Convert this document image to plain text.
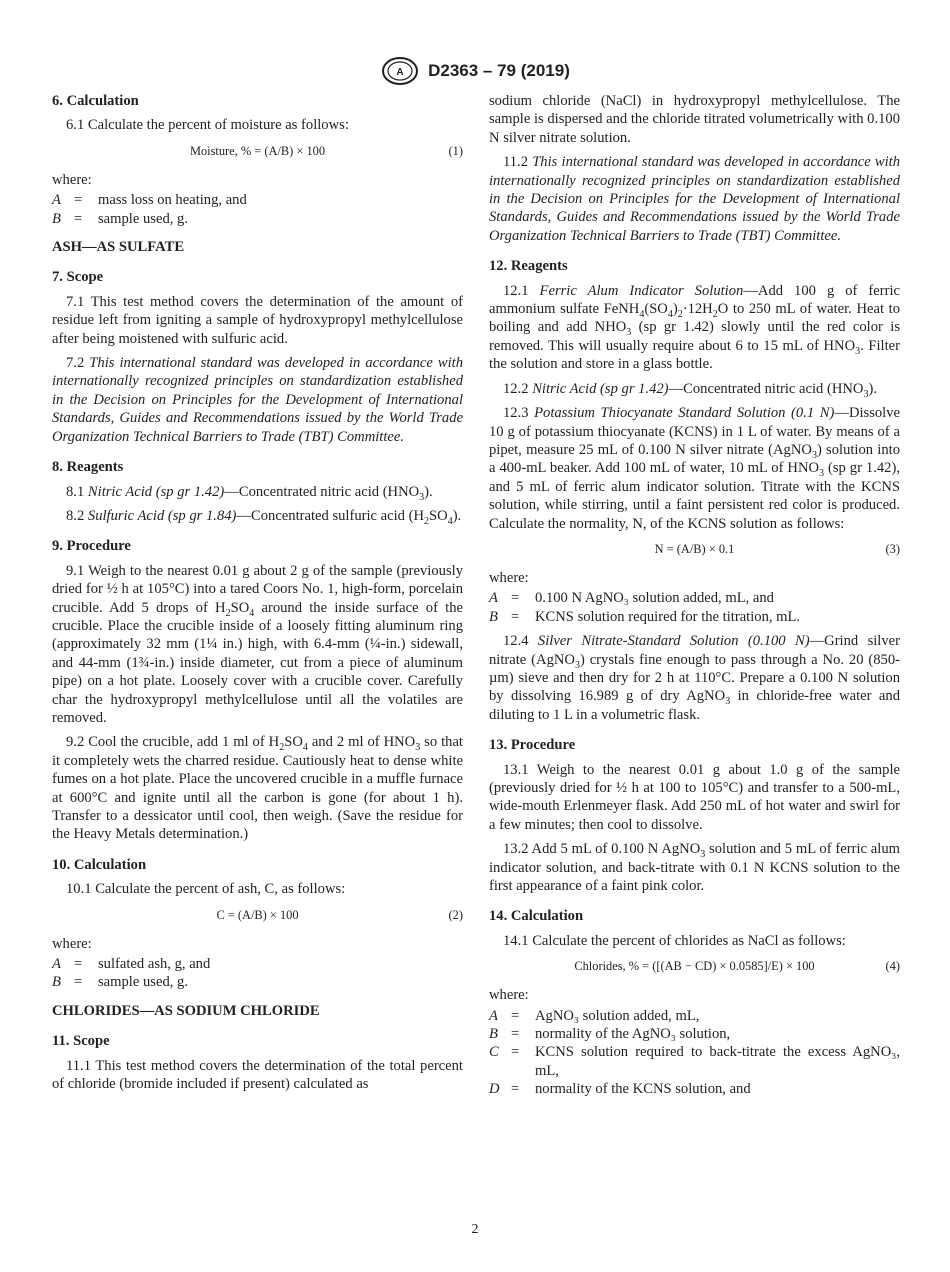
A D2363 – 79 (2019)

6. Calculation

6.1 Calculate the percent of moisture as follows:

Moisture, % = (A/B) × 100	(1)

where:

A =	mass loss on heating, and
B =	sample used, g.

ASH—AS SULFATE

7. Scope

7.1 This test method covers the determination of the amount of residue left from igniting a sample of hydroxypropyl methylcellulose after being moistened with sulfuric acid.

7.2 This international standard was developed in accordance with internationally recognized principles on standardization established in the Decision on Principles for the Development of International Standards, Guides and Recommendations issued by the World Trade Organization Technical Barriers to Trade (TBT) Committee.

8. Reagents

8.1 Nitric Acid (sp gr 1.42)—Concentrated nitric acid $(HNO_3)$.

8.2 Sulfuric Acid (sp gr 1.84)—Concentrated sulfuric acid $(H_2SO_4)$.

9. Procedure

9.1 Weigh to the nearest 0.01 g about 2 g of the sample (previously dried for ½ h at 105°C) into a tared Coors No. 1, high-form, porcelain crucible. Add 5 drops of $H_2SO_4$ around the inside surface of the crucible. Place the crucible inside of a loosely fitting aluminum ring (approximately 32 mm (1¼ in.) high, with 6.4-mm (¼-in.) sidewall, and 44-mm (1¾-in.) inside diameter, cut from a piece of aluminum pipe) on a hot plate. Loosely cover with a crucible cover. Carefully char the hydroxypropyl methylcellulose until all the volatiles are removed.

9.2 Cool the crucible, add 1 ml of $H_2SO_4$ and 2 ml of $HNO_3$ so that it completely wets the charred residue. Cautiously heat to dense white fumes on a hot plate. Place the uncovered crucible in a muffle furnace at 600°C and ignite until all the carbon is gone (for about 1 h). Transfer to a dessicator until cool, then weigh. (Save the residue for the Heavy Metals determination.)

10. Calculation

10.1 Calculate the percent of ash, C, as follows:

C = (A/B) × 100	(2)

where:

A =	sulfated ash, g, and
B =	sample used, g.

CHLORIDES—AS SODIUM CHLORIDE

11. Scope

11.1 This test method covers the determination of the total percent of chloride (bromide included if present) calculated as

sodium chloride (NaCl) in hydroxypropyl methylcellulose. The sample is dispersed and the chloride titrated volumetrically with 0.100 N silver nitrate solution.

11.2 This international standard was developed in accordance with internationally recognized principles on standardization established in the Decision on Principles for the Development of International Standards, Guides and Recommendations issued by the World Trade Organization Technical Barriers to Trade (TBT) Committee.

12. Reagents

12.1 Ferric Alum Indicator Solution—Add 100 g of ferric ammonium sulfate $FeNH_4(SO_4)_2\cdot 12H_2O$ to 250 mL of water. Heat to boiling and add $NHO_3$ (sp gr 1.42) slowly until the red color is removed. This will usually require about 6 to 15 mL of $HNO_3$. Filter the solution and store in a glass bottle.

12.2 Nitric Acid (sp gr 1.42)—Concentrated nitric acid $(HNO_3)$.

12.3 Potassium Thiocyanate Standard Solution (0.1 N)—Dissolve 10 g of potassium thiocyanate (KCNS) in 1 L of water. By means of a pipet, measure 25 mL of 0.100 N silver nitrate (AgNO$_3$) solution into a 400-mL beaker. Add 100 mL of water, 10 mL of $HNO_3$ (sp gr 1.42), and 5 mL of ferric alum indicator solution. Titrate with the KCNS solution, while stirring, until a faint persistent red color is produced. Calculate the normality, N, of the KCNS solution as follows:

N = (A/B) × 0.1	(3)

where:

A =	0.100 N AgNO₃ solution added, mL, and
B =	KCNS solution required for the titration, mL.

12.4 Silver Nitrate-Standard Solution (0.100 N)—Grind silver nitrate (AgNO$_3$) crystals fine enough to pass through a No. 20 (850-µm) sieve and then dry for 2 h at 110°C. Prepare a 0.100 N solution by dissolving 16.989 g of dry AgNO$_3$ in chloride-free water and diluting to 1 L in a volumetric flask.

13. Procedure

13.1 Weigh to the nearest 0.01 g about 1.0 g of the sample (previously dried for ½ h at 100 to 105°C) and transfer to a 500-mL, wide-mouth Erlenmeyer flask. Add 250 mL of hot water and swirl for a few minutes; then cool to dissolve.

13.2 Add 5 mL of 0.100 N AgNO$_3$ solution and 5 mL of ferric alum indicator solution, and back-titrate with 0.1 N KCNS solution to the first appearance of a faint pink color.

14. Calculation

14.1 Calculate the percent of chlorides as NaCl as follows:

Chlorides, % = ([(AB − CD) × 0.0585]/E) × 100	(4)

where:

A =	AgNO₃ solution added, mL,
B =	normality of the AgNO₃ solution,
C =	KCNS solution required to back-titrate the excess AgNO₃, mL,
D =	normality of the KCNS solution, and
2
